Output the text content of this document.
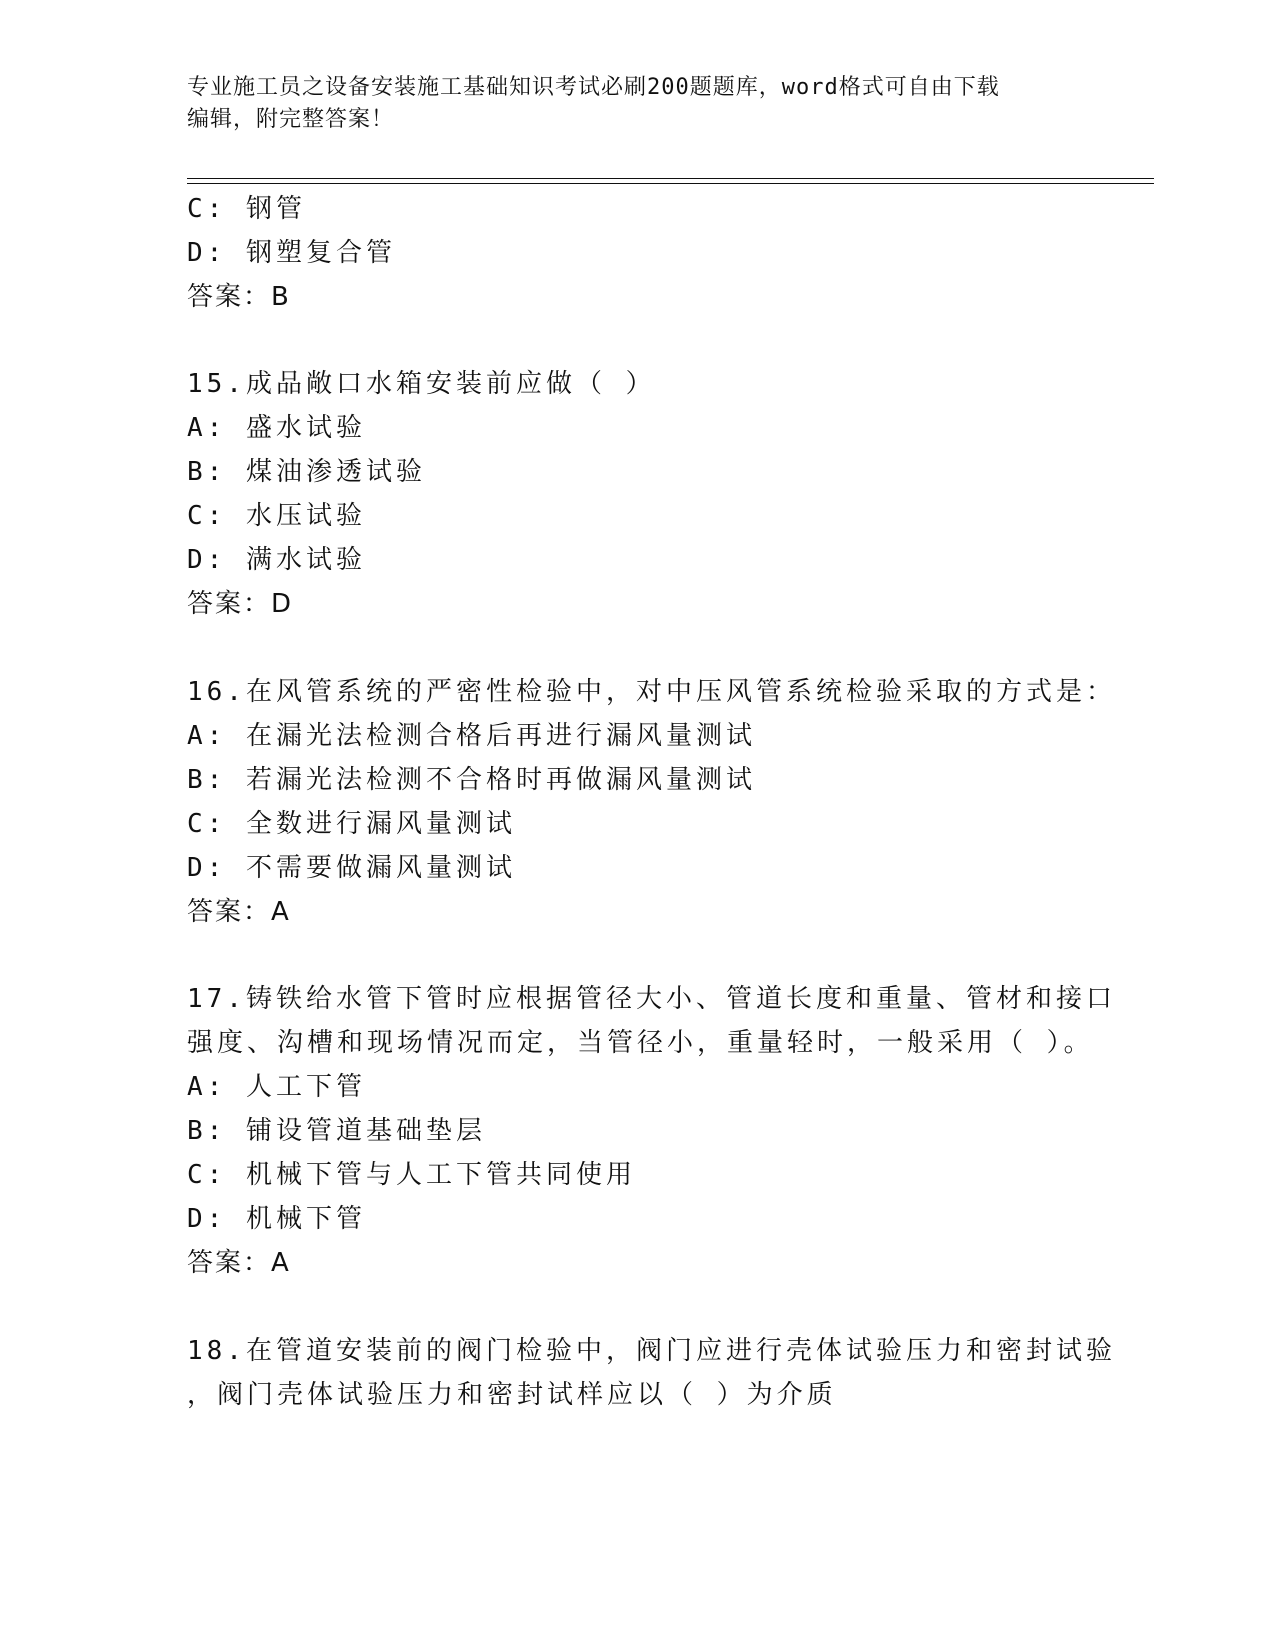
专业施工员之设备安装施工基础知识考试必刷200题题库，word格式可自由下载
编辑，附完整答案！
C: 钢管
D: 钢塑复合管
答案：B
15.成品敞口水箱安装前应做（ ）
A: 盛水试验
B: 煤油渗透试验
C: 水压试验
D: 满水试验
答案：D
16.在风管系统的严密性检验中，对中压风管系统检验采取的方式是：
A: 在漏光法检测合格后再进行漏风量测试
B: 若漏光法检测不合格时再做漏风量测试
C: 全数进行漏风量测试
D: 不需要做漏风量测试
答案：A
17.铸铁给水管下管时应根据管径大小、管道长度和重量、管材和接口
强度、沟槽和现场情况而定，当管径小，重量轻时，一般采用（ ）。
A: 人工下管
B: 铺设管道基础垫层
C: 机械下管与人工下管共同使用
D: 机械下管
答案：A
18.在管道安装前的阀门检验中，阀门应进行壳体试验压力和密封试验
，阀门壳体试验压力和密封试样应以（ ）为介质
